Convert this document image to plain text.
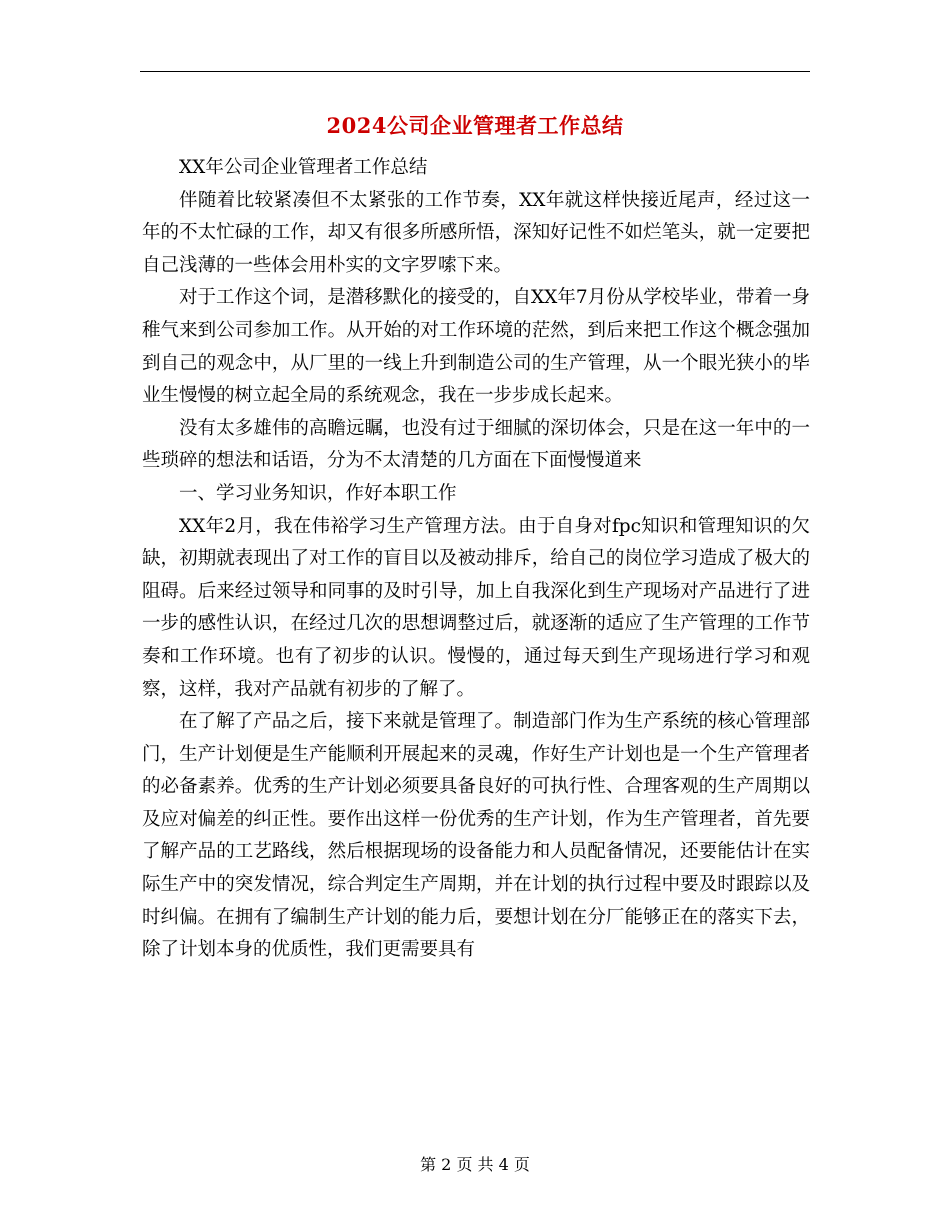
2024公司企业管理者工作总结

XX年公司企业管理者工作总结

伴随着比较紧凑但不太紧张的工作节奏，XX年就这样快接近尾声，经过这一年的不太忙碌的工作，却又有很多所感所悟，深知好记性不如烂笔头，就一定要把自己浅薄的一些体会用朴实的文字罗嗦下来。

对于工作这个词，是潜移默化的接受的，自XX年7月份从学校毕业，带着一身稚气来到公司参加工作。从开始的对工作环境的茫然，到后来把工作这个概念强加到自己的观念中，从厂里的一线上升到制造公司的生产管理，从一个眼光狭小的毕业生慢慢的树立起全局的系统观念，我在一步步成长起来。

没有太多雄伟的高瞻远瞩，也没有过于细腻的深切体会，只是在这一年中的一些琐碎的想法和话语，分为不太清楚的几方面在下面慢慢道来

一、学习业务知识，作好本职工作

XX年2月，我在伟裕学习生产管理方法。由于自身对fpc知识和管理知识的欠缺，初期就表现出了对工作的盲目以及被动排斥，给自己的岗位学习造成了极大的阻碍。后来经过领导和同事的及时引导，加上自我深化到生产现场对产品进行了进一步的感性认识，在经过几次的思想调整过后，就逐渐的适应了生产管理的工作节奏和工作环境。也有了初步的认识。慢慢的，通过每天到生产现场进行学习和观察，这样，我对产品就有初步的了解了。

在了解了产品之后，接下来就是管理了。制造部门作为生产系统的核心管理部门，生产计划便是生产能顺利开展起来的灵魂，作好生产计划也是一个生产管理者的必备素养。优秀的生产计划必须要具备良好的可执行性、合理客观的生产周期以及应对偏差的纠正性。要作出这样一份优秀的生产计划，作为生产管理者，首先要了解产品的工艺路线，然后根据现场的设备能力和人员配备情况，还要能估计在实际生产中的突发情况，综合判定生产周期，并在计划的执行过程中要及时跟踪以及时纠偏。在拥有了编制生产计划的能力后，要想计划在分厂能够正在的落实下去，除了计划本身的优质性，我们更需要具有

第 2 页 共 4 页
